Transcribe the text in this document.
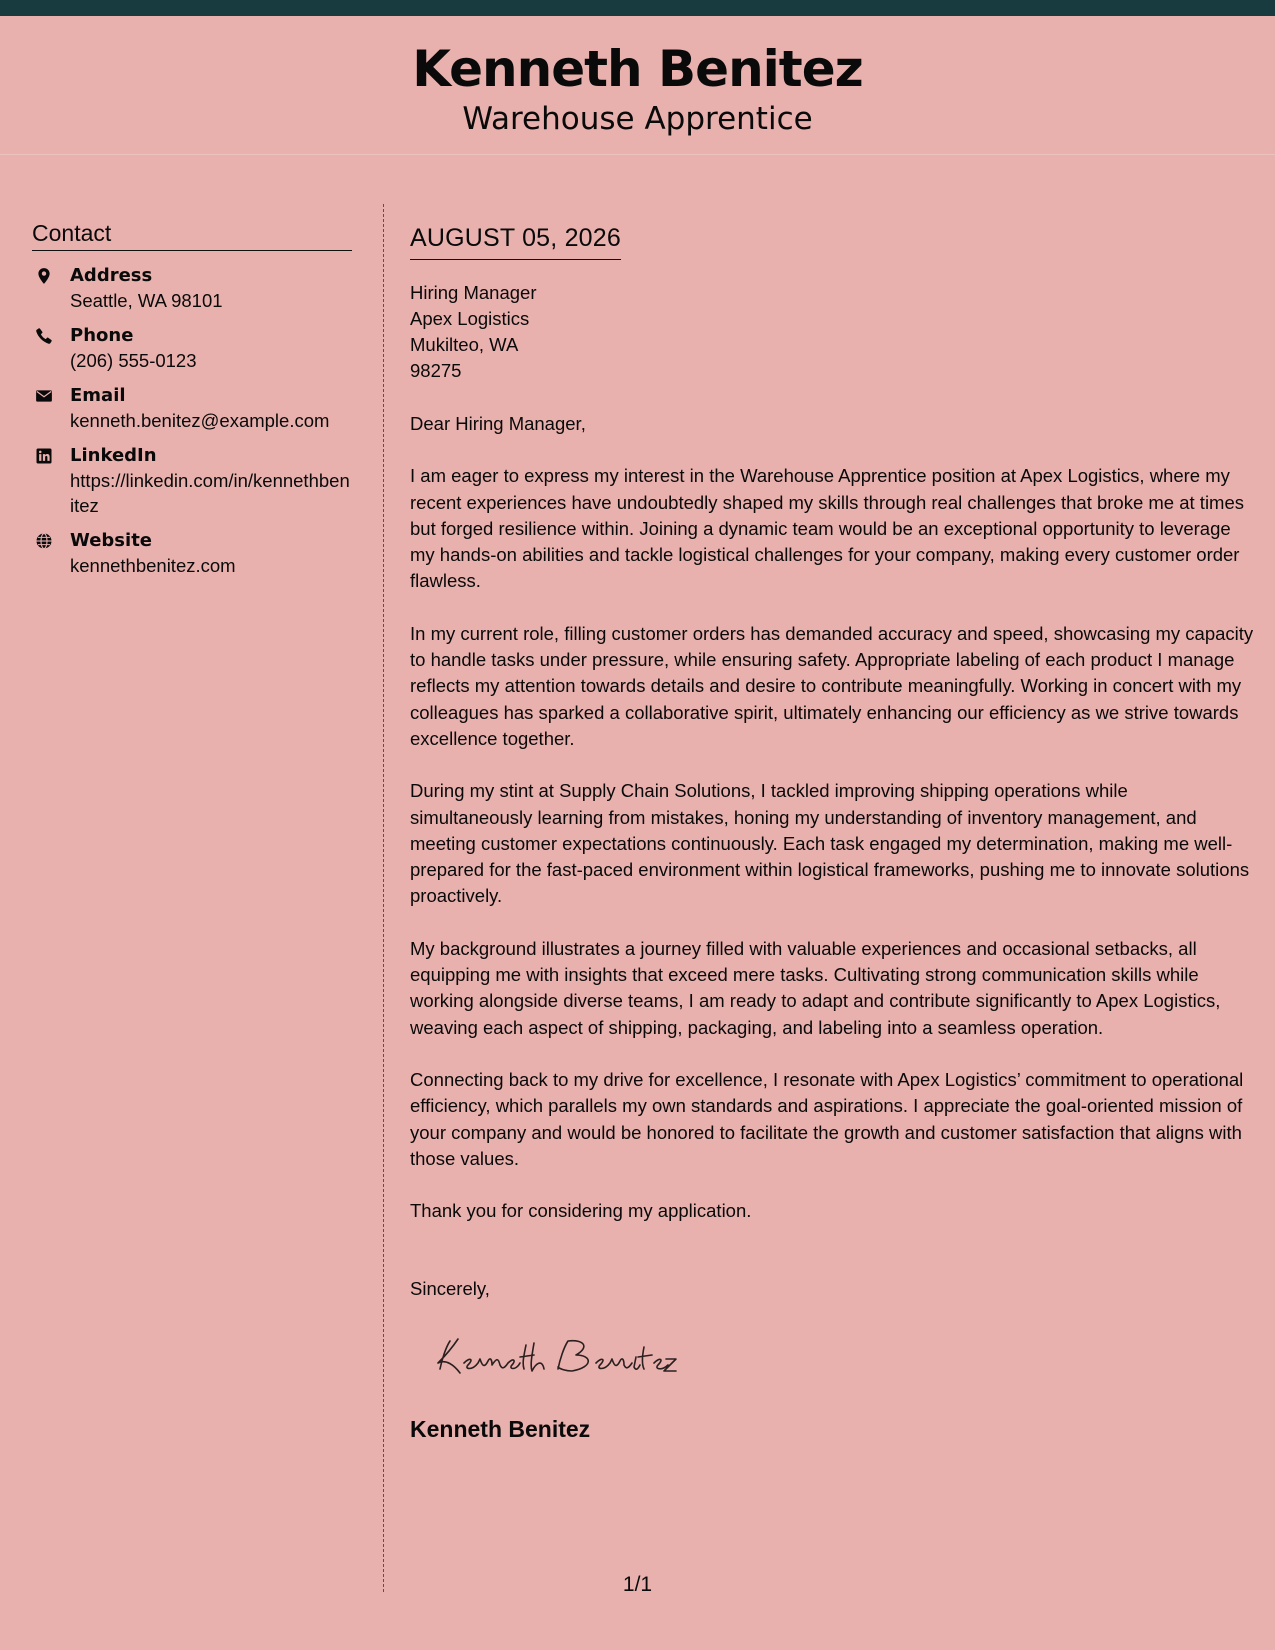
Kenneth Benitez
Warehouse Apprentice
Contact
Address
Seattle, WA 98101
Phone
(206) 555-0123
Email
kenneth.benitez@example.com
LinkedIn
https://linkedin.com/in/kennethbenitez
Website
kennethbenitez.com
AUGUST 05, 2026
Hiring Manager
Apex Logistics
Mukilteo, WA
98275
Dear Hiring Manager,
I am eager to express my interest in the Warehouse Apprentice position at Apex Logistics, where my recent experiences have undoubtedly shaped my skills through real challenges that broke me at times but forged resilience within. Joining a dynamic team would be an exceptional opportunity to leverage my hands-on abilities and tackle logistical challenges for your company, making every customer order flawless.
In my current role, filling customer orders has demanded accuracy and speed, showcasing my capacity to handle tasks under pressure, while ensuring safety. Appropriate labeling of each product I manage reflects my attention towards details and desire to contribute meaningfully. Working in concert with my colleagues has sparked a collaborative spirit, ultimately enhancing our efficiency as we strive towards excellence together.
During my stint at Supply Chain Solutions, I tackled improving shipping operations while simultaneously learning from mistakes, honing my understanding of inventory management, and meeting customer expectations continuously. Each task engaged my determination, making me well-prepared for the fast-paced environment within logistical frameworks, pushing me to innovate solutions proactively.
My background illustrates a journey filled with valuable experiences and occasional setbacks, all equipping me with insights that exceed mere tasks. Cultivating strong communication skills while working alongside diverse teams, I am ready to adapt and contribute significantly to Apex Logistics, weaving each aspect of shipping, packaging, and labeling into a seamless operation.
Connecting back to my drive for excellence, I resonate with Apex Logistics’ commitment to operational efficiency, which parallels my own standards and aspirations. I appreciate the goal-oriented mission of your company and would be honored to facilitate the growth and customer satisfaction that aligns with those values.
Thank you for considering my application.
Sincerely,
Kenneth Benitez
1/1
